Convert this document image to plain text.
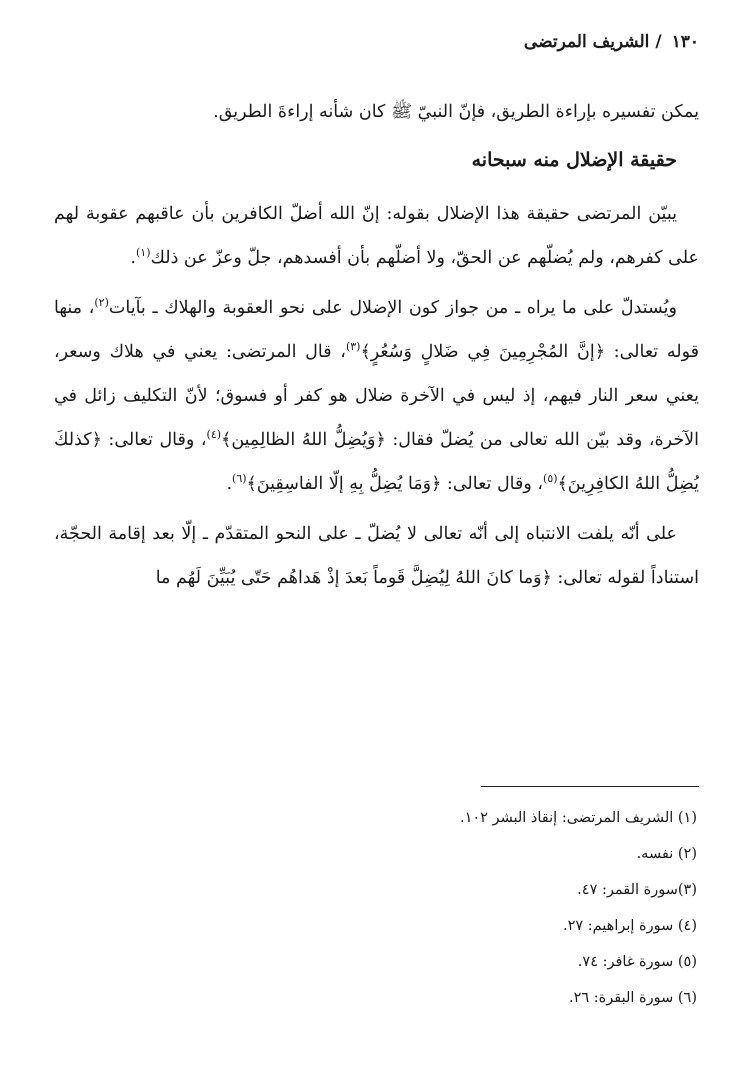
١٣٠/الشريف المرتضى

يمكن تفسيره بإراءة الطريق، فإنّ النبيّ ﷺ كان شأنه إراءةَ الطريق.

حقيقة الإضلال منه سبحانه

يبيّن المرتضى حقيقة هذا الإضلال بقوله: إنّ الله أضلّ الكافرين بأن عاقبهم عقوبة لهم على كفرهم، ولم يُضلّهم عن الحقّ، ولا أضلّهم بأن أفسدهم، جلّ وعزّ عن ذلك$^{(١)}$.

ويُستدلّ على ما يراه ـ من جواز كون الإضلال على نحو العقوبة والهلاك ـ بآيات$^{(٢)}$، منها قوله تعالى: ﴿إنَّ المُجْرِمِينَ فِي ضَلالٍ وَسُعُرٍ﴾$^{(٣)}$، قال المرتضى: يعني في هلاك وسعر، يعني سعر النار فيهم، إذ ليس في الآخرة ضلال هو كفر أو فسوق؛ لأنّ التكليف زائل في الآخرة، وقد بيّن الله تعالى من يُضلّ فقال: ﴿وَيُضِلُّ اللهُ الظالِمِين﴾$^{(٤)}$، وقال تعالى: ﴿كذلكَ يُضِلُّ اللهُ الكافِرِينَ﴾$^{(٥)}$، وقال تعالى: ﴿وَمَا يُضِلُّ بِهِ إلّا الفاسِقِينَ﴾$^{(٦)}$.

على أنّه يلفت الانتباه إلى أنّه تعالى لا يُضلّ ـ على النحو المتقدّم ـ إلّا بعد إقامة الحجّة، استناداً لقوله تعالى: ﴿وَما كانَ اللهُ لِيُضِلَّ قَوماً بَعدَ إذْ هَداهُم حَتّى يُبَيِّنَ لَهُم ما

(١) الشريف المرتضى: إنقاذ البشر ١٠٢.

(٢) نفسه.

(٣)سورة القمر: ٤٧.

(٤) سورة إبراهيم: ٢٧.

(٥) سورة غافر: ٧٤.

(٦) سورة البقرة: ٢٦.
